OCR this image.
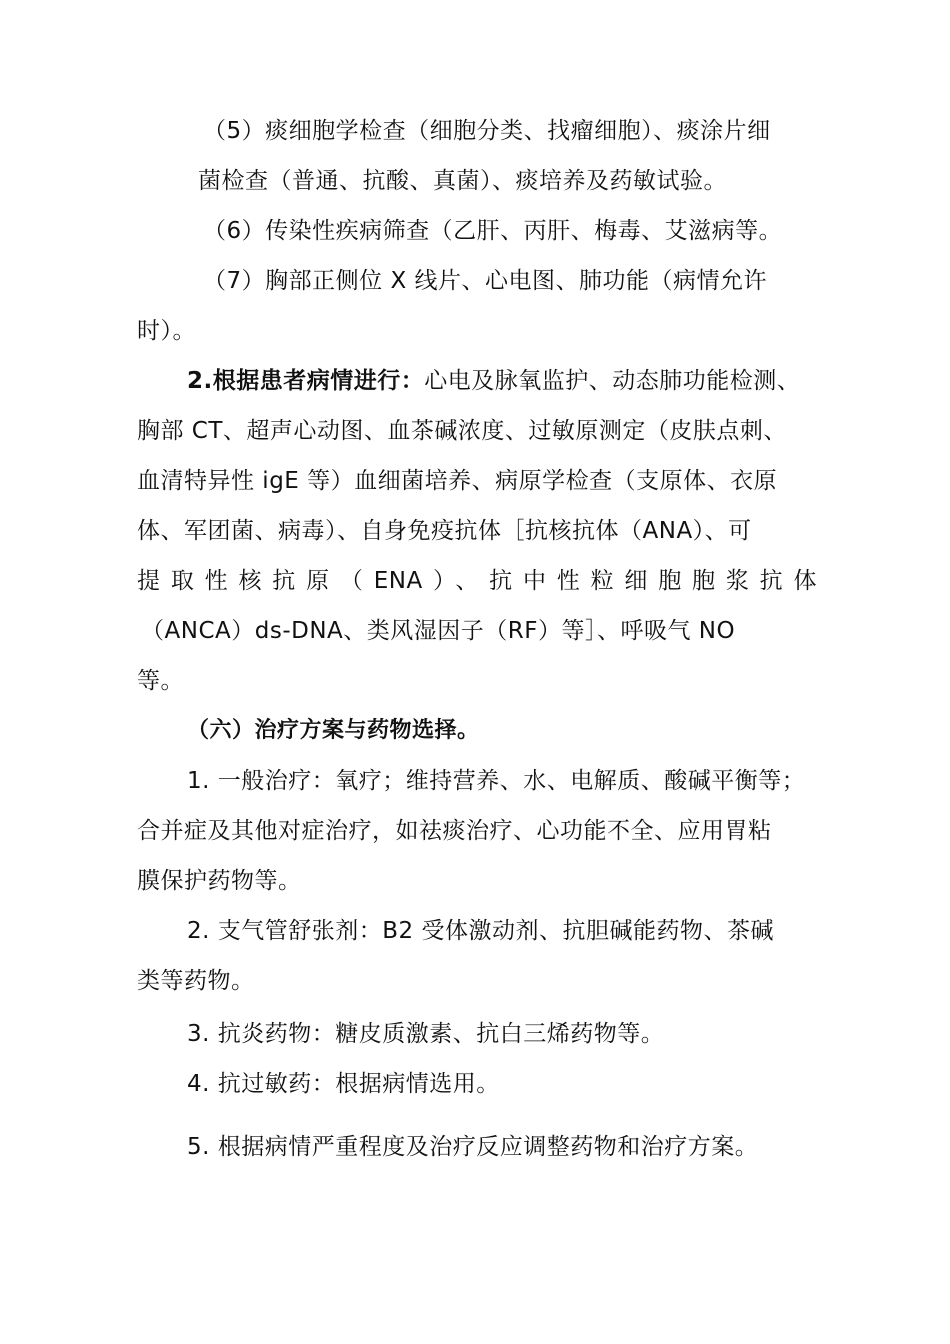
（5）痰细胞学检查（细胞分类、找瘤细胞）、痰涂片细
菌检查（普通、抗酸、真菌）、痰培养及药敏试验。
（6）传染性疾病筛查（乙肝、丙肝、梅毒、艾滋病等。
（7）胸部正侧位 X 线片、心电图、肺功能（病情允许
时）。
2.根据患者病情进行：心电及脉氧监护、动态肺功能检测、
胸部 CT、超声心动图、血茶碱浓度、过敏原测定（皮肤点刺、
血清特异性 igE 等）血细菌培养、病原学检查（支原体、衣原
体、军团菌、病毒）、自身免疫抗体［抗核抗体（ANA）、可
提取性核抗原（ENA）、抗中性粒细胞胞浆抗体
（ANCA）ds-DNA、类风湿因子（RF）等］、呼吸气 NO
等。
（六）治疗方案与药物选择。
1. 一般治疗：氧疗；维持营养、水、电解质、酸碱平衡等；
合并症及其他对症治疗，如祛痰治疗、心功能不全、应用胃粘
膜保护药物等。
2. 支气管舒张剂：B2 受体激动剂、抗胆碱能药物、茶碱
类等药物。
3. 抗炎药物：糖皮质激素、抗白三烯药物等。
4. 抗过敏药：根据病情选用。
5. 根据病情严重程度及治疗反应调整药物和治疗方案。
